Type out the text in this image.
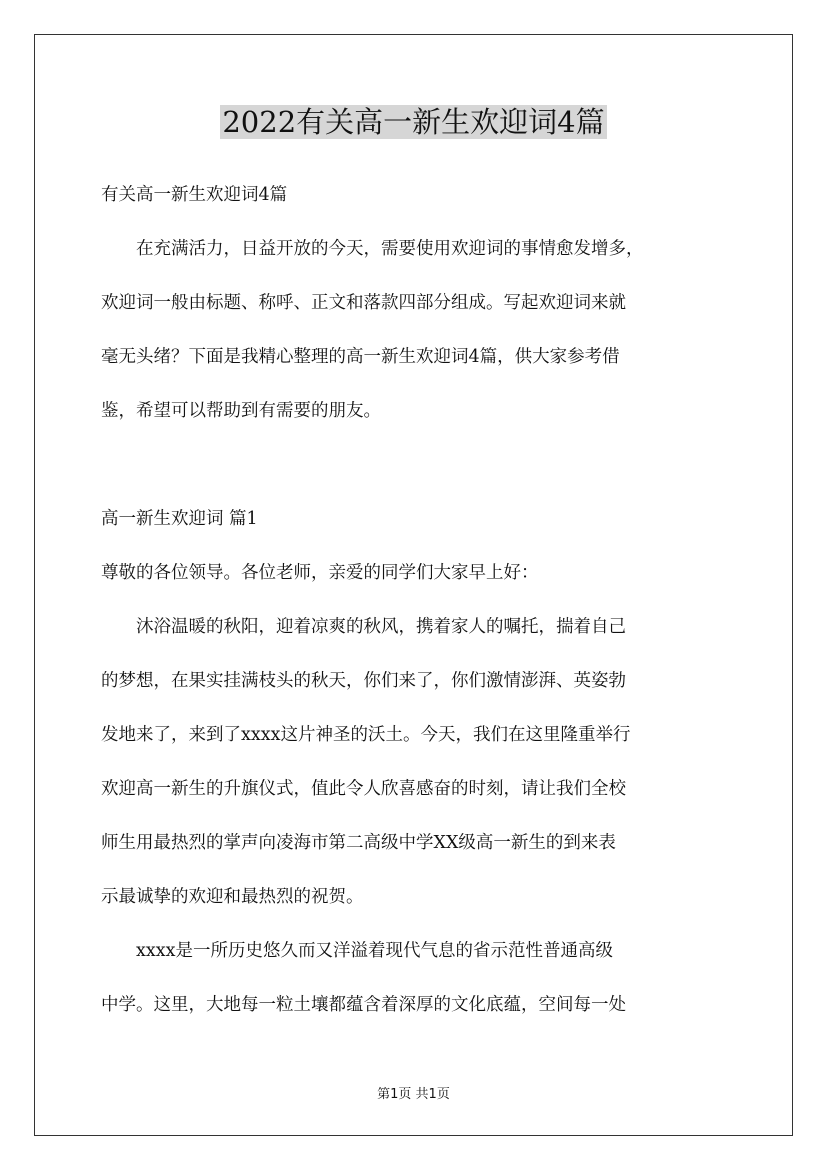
2022有关高一新生欢迎词4篇

有关高一新生欢迎词4篇

在充满活力，日益开放的今天，需要使用欢迎词的事情愈发增多，

欢迎词一般由标题、称呼、正文和落款四部分组成。写起欢迎词来就

毫无头绪？下面是我精心整理的高一新生欢迎词4篇，供大家参考借

鉴，希望可以帮助到有需要的朋友。

高一新生欢迎词 篇1

尊敬的各位领导。各位老师，亲爱的同学们大家早上好：

沐浴温暖的秋阳，迎着凉爽的秋风，携着家人的嘱托，揣着自己

的梦想，在果实挂满枝头的秋天，你们来了，你们激情澎湃、英姿勃

发地来了，来到了xxxx这片神圣的沃土。今天，我们在这里隆重举行

欢迎高一新生的升旗仪式，值此令人欣喜感奋的时刻，请让我们全校

师生用最热烈的掌声向凌海市第二高级中学XX级高一新生的到来表

示最诚挚的欢迎和最热烈的祝贺。

xxxx是一所历史悠久而又洋溢着现代气息的省示范性普通高级

中学。这里，大地每一粒土壤都蕴含着深厚的文化底蕴，空间每一处

第1页 共1页
